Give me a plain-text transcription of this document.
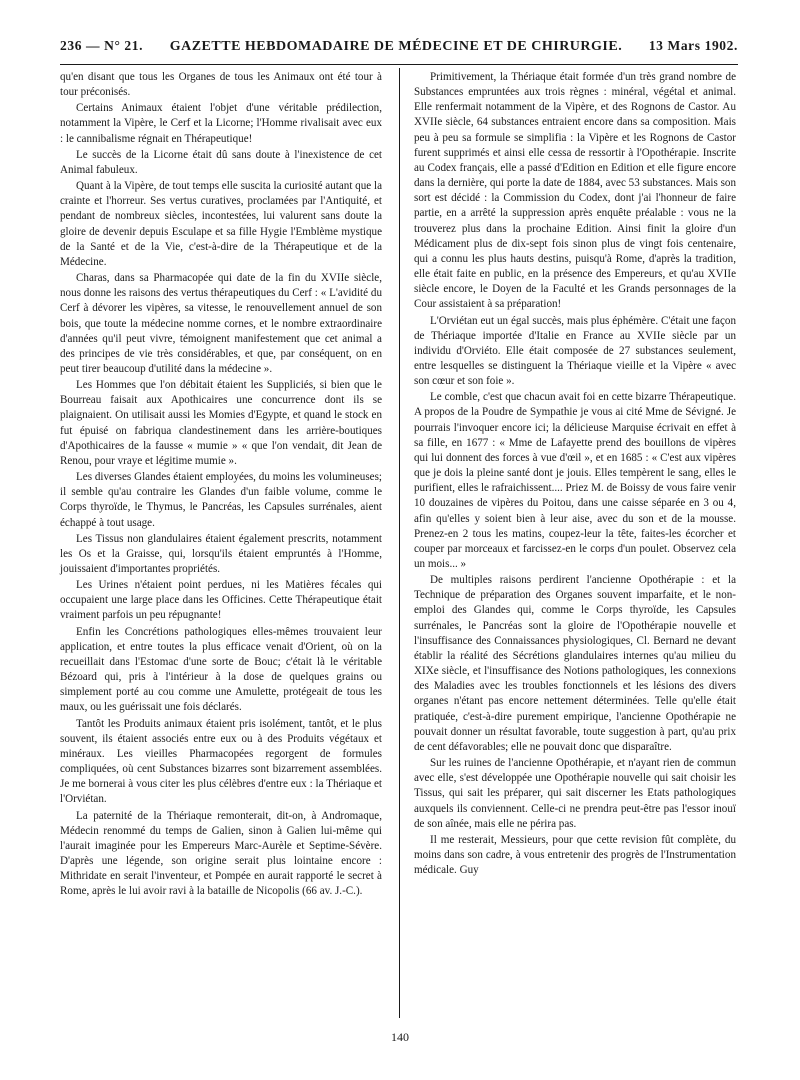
236 — N° 21. GAZETTE HEBDOMADAIRE DE MÉDECINE ET DE CHIRURGIE. 13 Mars 1902.

qu'en disant que tous les Organes de tous les Animaux ont été tour à tour préconisés.

Certains Animaux étaient l'objet d'une véritable prédilection, notamment la Vipère, le Cerf et la Licorne; l'Homme rivalisait avec eux : le cannibalisme régnait en Thérapeutique!

Le succès de la Licorne était dû sans doute à l'inexistence de cet Animal fabuleux.

Quant à la Vipère, de tout temps elle suscita la curiosité autant que la crainte et l'horreur. Ses vertus curatives, proclamées par l'Antiquité, et pendant de nombreux siècles, incontestées, lui valurent sans doute la gloire de devenir depuis Esculape et sa fille Hygie l'Emblème mystique de la Santé et de la Vie, c'est-à-dire de la Thérapeutique et de la Médecine.

Charas, dans sa Pharmacopée qui date de la fin du XVIIe siècle, nous donne les raisons des vertus thérapeutiques du Cerf : « L'avidité du Cerf à dévorer les vipères, sa vitesse, le renouvellement annuel de son bois, que toute la médecine nomme cornes, et le nombre extraordinaire d'années qu'il peut vivre, témoignent manifestement que cet animal a des principes de vie très considérables, et que, par conséquent, on en peut tirer beaucoup d'utilité dans la médecine ».

Les Hommes que l'on débitait étaient les Suppliciés, si bien que le Bourreau faisait aux Apothicaires une concurrence dont ils se plaignaient. On utilisait aussi les Momies d'Egypte, et quand le stock en fut épuisé on fabriqua clandestinement dans les arrière-boutiques d'Apothicaires de la fausse « mumie » « que l'on vendait, dit Jean de Renou, pour vraye et légitime mumie ».

Les diverses Glandes étaient employées, du moins les volumineuses; il semble qu'au contraire les Glandes d'un faible volume, comme le Corps thyroïde, le Thymus, le Pancréas, les Capsules surrénales, aient échappé à tout usage.

Les Tissus non glandulaires étaient également prescrits, notamment les Os et la Graisse, qui, lorsqu'ils étaient empruntés à l'Homme, jouissaient d'importantes propriétés.

Les Urines n'étaient point perdues, ni les Matières fécales qui occupaient une large place dans les Officines. Cette Thérapeutique était vraiment parfois un peu répugnante!

Enfin les Concrétions pathologiques elles-mêmes trouvaient leur application, et entre toutes la plus efficace venait d'Orient, où on la recueillait dans l'Estomac d'une sorte de Bouc; c'était là le véritable Bézoard qui, pris à l'intérieur à la dose de quelques grains ou simplement porté au cou comme une Amulette, protégeait de tous les maux, ou les guérissait une fois déclarés.

Tantôt les Produits animaux étaient pris isolément, tantôt, et le plus souvent, ils étaient associés entre eux ou à des Produits végétaux et minéraux. Les vieilles Pharmacopées regorgent de formules compliquées, où cent Substances bizarres sont bizarrement assemblées. Je me bornerai à vous citer les plus célèbres d'entre eux : la Thériaque et l'Orviétan.

La paternité de la Thériaque remonterait, dit-on, à Andromaque, Médecin renommé du temps de Galien, sinon à Galien lui-même qui l'aurait imaginée pour les Empereurs Marc-Aurèle et Septime-Sévère. D'après une légende, son origine serait plus lointaine encore : Mithridate en serait l'inventeur, et Pompée en aurait rapporté le secret à Rome, après le lui avoir ravi à la bataille de Nicopolis (66 av. J.-C.).

Primitivement, la Thériaque était formée d'un très grand nombre de Substances empruntées aux trois règnes : minéral, végétal et animal. Elle renfermait notamment de la Vipère, et des Rognons de Castor. Au XVIIe siècle, 64 substances entraient encore dans sa composition. Mais peu à peu sa formule se simplifia : la Vipère et les Rognons de Castor furent supprimés et ainsi elle cessa de ressortir à l'Opothérapie. Inscrite au Codex français, elle a passé d'Edition en Edition et elle figure encore dans la dernière, qui porte la date de 1884, avec 53 substances. Mais son sort est décidé : la Commission du Codex, dont j'ai l'honneur de faire partie, en a arrêté la suppression après enquête préalable : vous ne la trouverez plus dans la prochaine Edition. Ainsi finit la gloire d'un Médicament plus de dix-sept fois sinon plus de vingt fois centenaire, qui a connu les plus hauts destins, puisqu'à Rome, d'après la tradition, elle était faite en public, en la présence des Empereurs, et qu'au XVIIe siècle encore, le Doyen de la Faculté et les Grands personnages de la Cour assistaient à sa préparation!

L'Orviétan eut un égal succès, mais plus éphémère. C'était une façon de Thériaque importée d'Italie en France au XVIIe siècle par un individu d'Orviéto. Elle était composée de 27 substances seulement, entre lesquelles se distinguent la Thériaque vieille et la Vipère « avec son cœur et son foie ».

Le comble, c'est que chacun avait foi en cette bizarre Thérapeutique. A propos de la Poudre de Sympathie je vous ai cité Mme de Sévigné. Je pourrais l'invoquer encore ici; la délicieuse Marquise écrivait en effet à sa fille, en 1677 : « Mme de Lafayette prend des bouillons de vipères qui lui donnent des forces à vue d'œil », et en 1685 : « C'est aux vipères que je dois la pleine santé dont je jouis. Elles tempèrent le sang, elles le purifient, elles le rafraichissent.... Priez M. de Boissy de vous faire venir 10 douzaines de vipères du Poitou, dans une caisse séparée en 3 ou 4, afin qu'elles y soient bien à leur aise, avec du son et de la mousse. Prenez-en 2 tous les matins, coupez-leur la tête, faites-les écorcher et couper par morceaux et farcissez-en le corps d'un poulet. Observez cela un mois... »

De multiples raisons perdirent l'ancienne Opothérapie : et la Technique de préparation des Organes souvent imparfaite, et le non-emploi des Glandes qui, comme le Corps thyroïde, les Capsules surrénales, le Pancréas sont la gloire de l'Opothérapie nouvelle et l'insuffisance des Connaissances physiologiques, Cl. Bernard ne devant établir la réalité des Sécrétions glandulaires internes qu'au milieu du XIXe siècle, et l'insuffisance des Notions pathologiques, les connexions des Maladies avec les troubles fonctionnels et les lésions des divers organes n'étant pas encore nettement déterminées. Telle qu'elle était pratiquée, c'est-à-dire purement empirique, l'ancienne Opothérapie ne pouvait donner un résultat favorable, toute suggestion à part, qu'au prix de cent défavorables; elle ne pouvait donc que disparaître.

Sur les ruines de l'ancienne Opothérapie, et n'ayant rien de commun avec elle, s'est développée une Opothérapie nouvelle qui sait choisir les Tissus, qui sait les préparer, qui sait discerner les Etats pathologiques auxquels ils conviennent. Celle-ci ne prendra peut-être pas l'essor inouï de son aînée, mais elle ne périra pas.

Il me resterait, Messieurs, pour que cette revision fût complète, du moins dans son cadre, à vous entretenir des progrès de l'Instrumentation médicale. Guy

140
